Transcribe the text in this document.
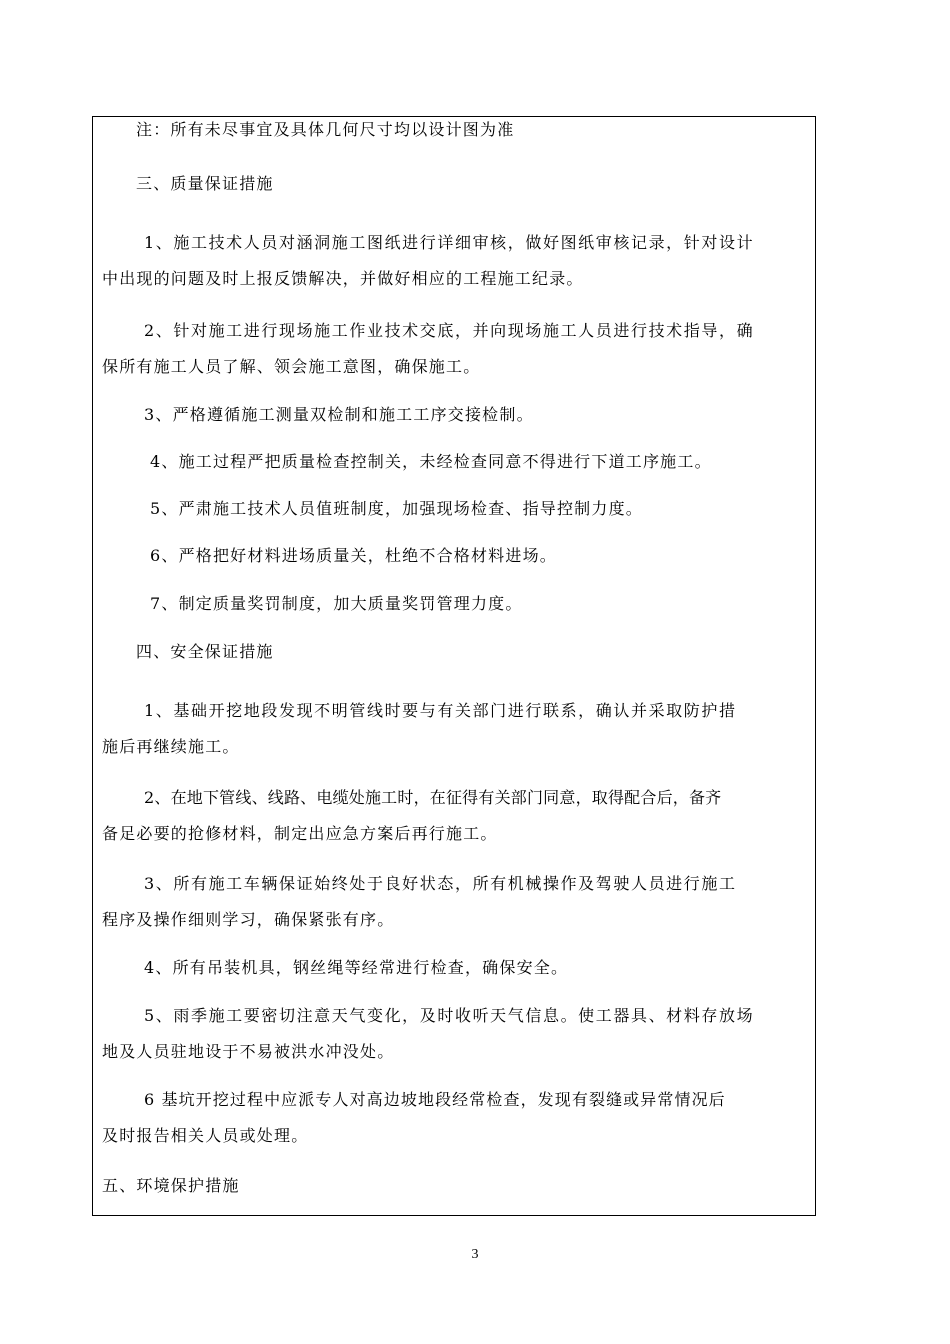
注：所有未尽事宜及具体几何尺寸均以设计图为准
三、质量保证措施
1、施工技术人员对涵洞施工图纸进行详细审核，做好图纸审核记录，针对设计
中出现的问题及时上报反馈解决，并做好相应的工程施工纪录。
2、针对施工进行现场施工作业技术交底，并向现场施工人员进行技术指导，确
保所有施工人员了解、领会施工意图，确保施工。
3、严格遵循施工测量双检制和施工工序交接检制。
4、施工过程严把质量检查控制关，未经检查同意不得进行下道工序施工。
5、严肃施工技术人员值班制度，加强现场检查、指导控制力度。
6、严格把好材料进场质量关，杜绝不合格材料进场。
7、制定质量奖罚制度，加大质量奖罚管理力度。
四、安全保证措施
1、基础开挖地段发现不明管线时要与有关部门进行联系，确认并采取防护措
施后再继续施工。
2、在地下管线、线路、电缆处施工时，在征得有关部门同意，取得配合后，备齐
备足必要的抢修材料，制定出应急方案后再行施工。
3、所有施工车辆保证始终处于良好状态，所有机械操作及驾驶人员进行施工
程序及操作细则学习，确保紧张有序。
4、所有吊装机具，钢丝绳等经常进行检查，确保安全。
5、雨季施工要密切注意天气变化，及时收听天气信息。使工器具、材料存放场
地及人员驻地设于不易被洪水冲没处。
6 基坑开挖过程中应派专人对高边坡地段经常检查，发现有裂缝或异常情况后
及时报告相关人员或处理。
五、环境保护措施
3
